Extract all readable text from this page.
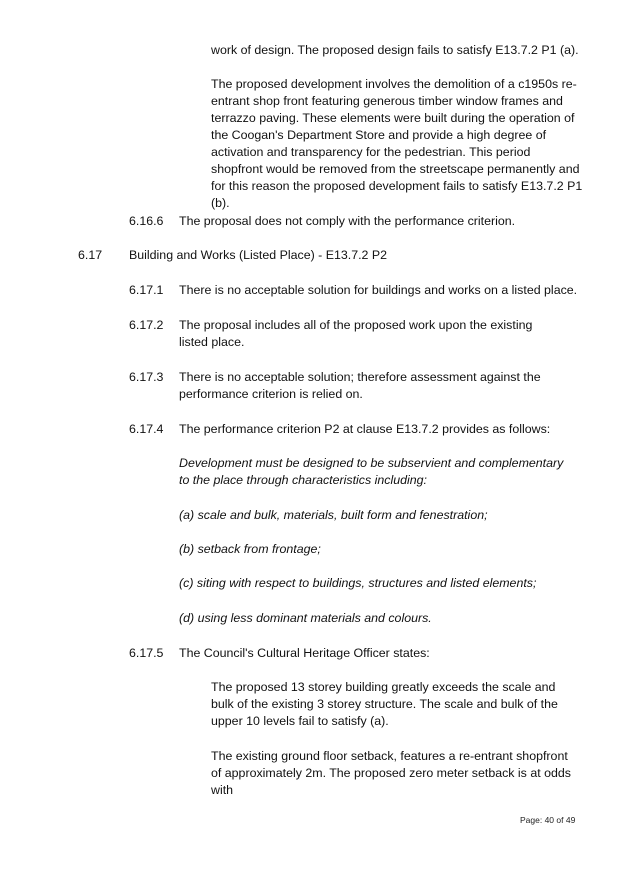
work of design. The proposed design fails to satisfy E13.7.2 P1 (a).

The proposed development involves the demolition of a c1950s re-entrant shop front featuring generous timber window frames and terrazzo paving. These elements were built during the operation of the Coogan's Department Store and provide a high degree of activation and transparency for the pedestrian. This period shopfront would be removed from the streetscape permanently and for this reason the proposed development fails to satisfy E13.7.2 P1 (b).

6.16.6 The proposal does not comply with the performance criterion.

6.17 Building and Works (Listed Place) - E13.7.2 P2

6.17.1 There is no acceptable solution for buildings and works on a listed place.

6.17.2 The proposal includes all of the proposed work upon the existing listed place.

6.17.3 There is no acceptable solution; therefore assessment against the performance criterion is relied on.

6.17.4 The performance criterion P2 at clause E13.7.2 provides as follows:

Development must be designed to be subservient and complementary to the place through characteristics including:

(a) scale and bulk, materials, built form and fenestration;

(b) setback from frontage;

(c) siting with respect to buildings, structures and listed elements;

(d) using less dominant materials and colours.

6.17.5 The Council's Cultural Heritage Officer states:

The proposed 13 storey building greatly exceeds the scale and bulk of the existing 3 storey structure. The scale and bulk of the upper 10 levels fail to satisfy (a).

The existing ground floor setback, features a re-entrant shopfront of approximately 2m. The proposed zero meter setback is at odds with

Page: 40 of 49
